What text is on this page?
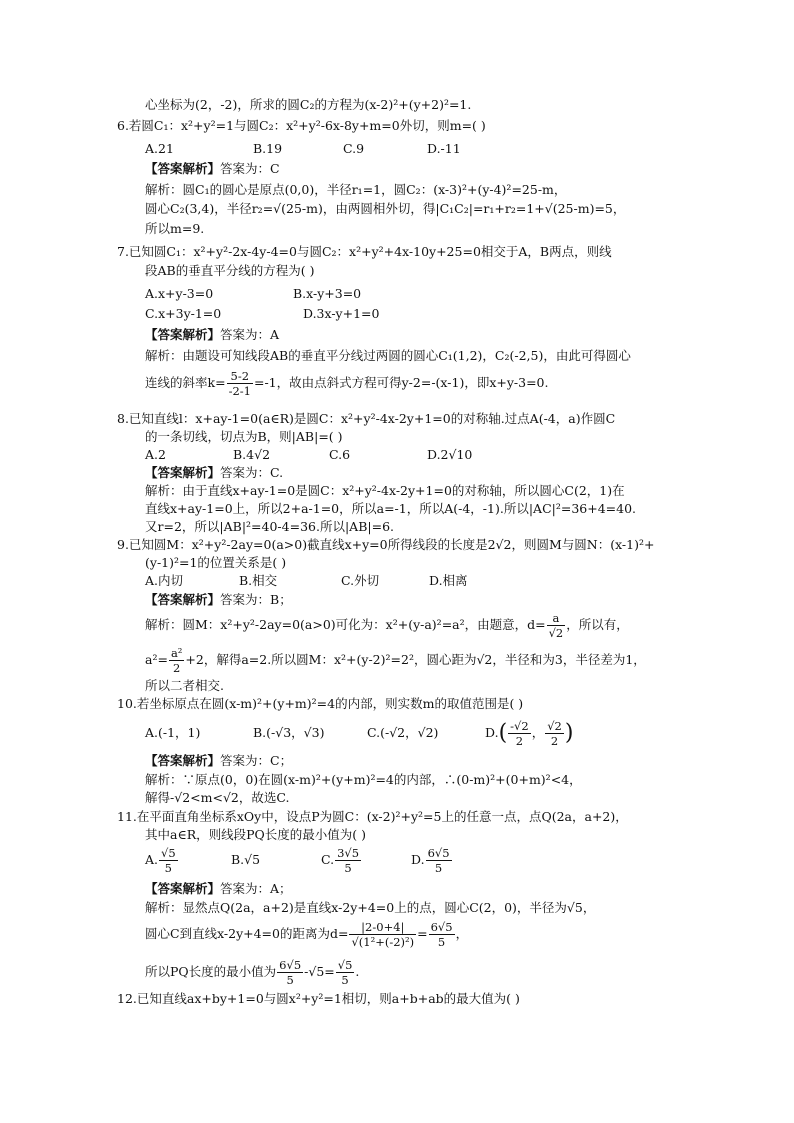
心坐标为(2，-2)，所求的圆C₂的方程为(x-2)²+(y+2)²=1.
6.若圆C₁：x²+y²=1与圆C₂：x²+y²-6x-8y+m=0外切，则m=( )
A.21	B.19	C.9	D.-11
【答案解析】答案为：C
解析：圆C₁的圆心是原点(0,0)，半径r₁=1，圆C₂：(x-3)²+(y-4)²=25-m，
圆心C₂(3,4)，半径r₂=√(25-m)，由两圆相外切，得|C₁C₂|=r₁+r₂=1+√(25-m)=5，
所以m=9.
7.已知圆C₁：x²+y²-2x-4y-4=0与圆C₂：x²+y²+4x-10y+25=0相交于A，B两点，则线
段AB的垂直平分线的方程为( )
A.x+y-3=0	B.x-y+3=0
C.x+3y-1=0	D.3x-y+1=0
【答案解析】答案为：A
解析：由题设可知线段AB的垂直平分线过两圆的圆心C₁(1,2)，C₂(-2,5)，由此可得圆心
连线的斜率$k= \frac{5-2}{-2-1} =-1$，故由点斜式方程可得y-2=-(x-1)，即x+y-3=0.
8.已知直线l：x+ay-1=0(a∈R)是圆C：x²+y²-4x-2y+1=0的对称轴.过点A(-4，a)作圆C
的一条切线，切点为B，则|AB|=( )
A.2	B.4√2	C.6	D.2√10
【答案解析】答案为：C.
解析：由于直线x+ay-1=0是圆C：x²+y²-4x-2y+1=0的对称轴，所以圆心C(2，1)在
直线x+ay-1=0上，所以2+a-1=0，所以a=-1，所以A(-4，-1).所以|AC|²=36+4=40.
又r=2，所以|AB|²=40-4=36.所以|AB|=6.
9.已知圆M：x²+y²-2ay=0(a>0)截直线x+y=0所得线段的长度是2√2，则圆M与圆N：(x-1)²+
(y-1)²=1的位置关系是( )
A.内切	B.相交	C.外切	D.相离
【答案解析】答案为：B；
解析：圆M：x²+y²-2ay=0(a>0)可化为：x²+(y-a)²=a²，由题意，$d= \frac{a}{√2}$ ，所以有，
$a^2= \frac{\text{a²}}{2} +2$，解得a=2.所以圆M：x²+(y-2)²=2²，圆心距为√2，半径和为3，半径差为1，
所以二者相交.
10.若坐标原点在圆(x-m)²+(y+m)²=4的内部，则实数m的取值范围是( )
A.(-1，1)	B.(-√3，√3)	C.(-√2，√2)	$D.( \frac{-√2}{2}$ ， $\frac{√2}{2}$ )
【答案解析】答案为：C；
解析：∵原点(0，0)在圆(x-m)²+(y+m)²=4的内部，∴(0-m)²+(0+m)²<4，
解得-√2<m<√2，故选C.
11.在平面直角坐标系xOy中，设点P为圆C：(x-2)²+y²=5上的任意一点，点Q(2a，a+2)，
其中a∈R，则线段PQ长度的最小值为( )
A. $\frac{√5}{5}$	B.√5	C. $\frac{3√5}{5}$	D. $\frac{6√5}{5}$
【答案解析】答案为：A；
解析：显然点Q(2a，a+2)是直线x-2y+4=0上的点，圆心C(2，0)，半径为√5，
圆心C到直线x-2y+4=0的距离为$d= \frac{|2-0+4|}{\text{√(1²+(-2)²)}} = \frac{6√5}{5}$ ，
所以PQ长度的最小值为 $\frac{6√5}{5} -√5= \frac{√5}{5}$ .
12.已知直线ax+by+1=0与圆x²+y²=1相切，则a+b+ab的最大值为( )
